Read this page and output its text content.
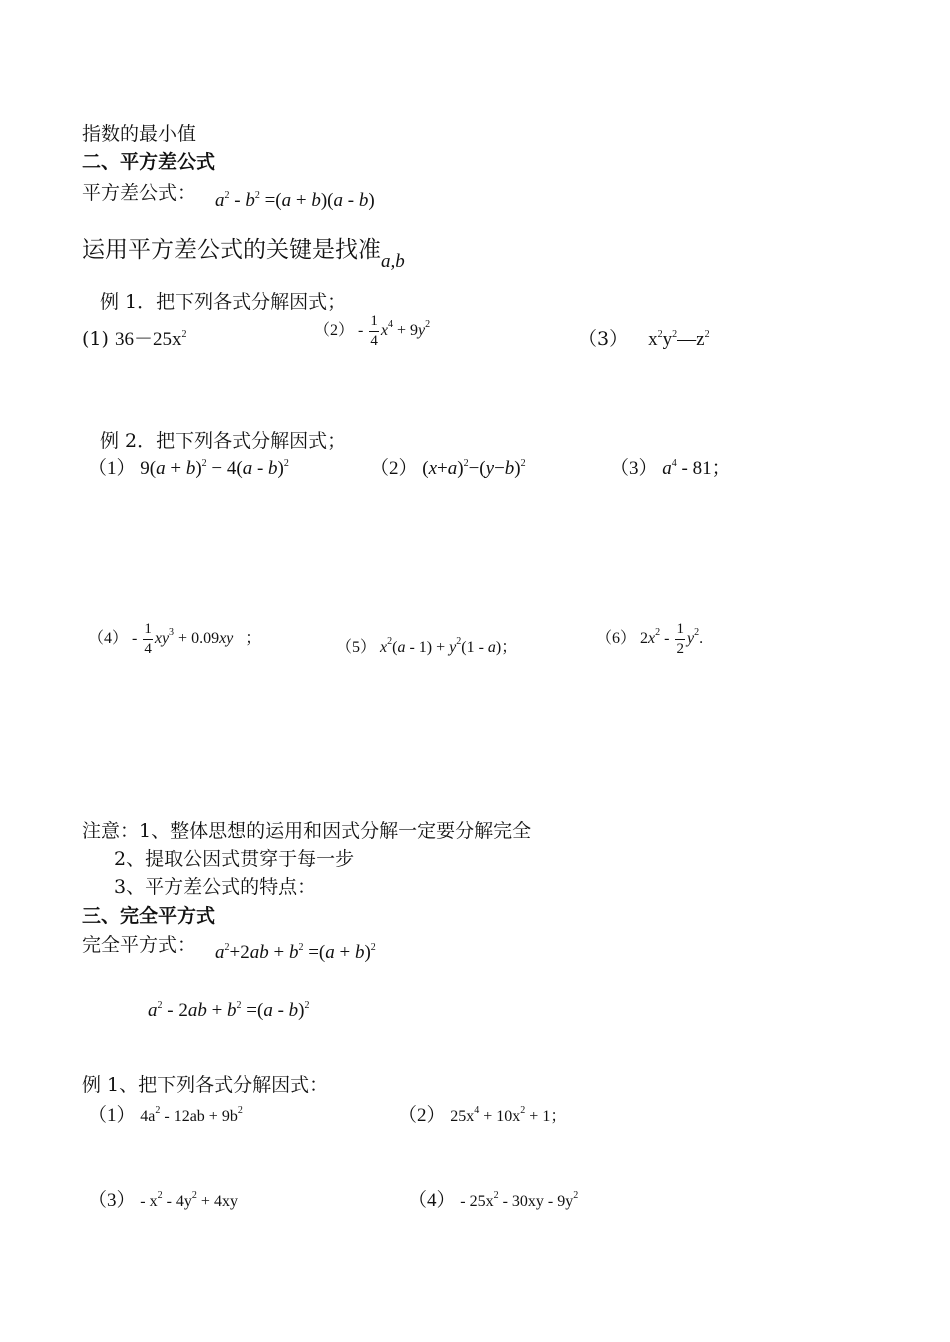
指数的最小值
二、平方差公式
平方差公式： $a^2 - b^2 =(a + b)(a - b)$
运用平方差公式的关键是找准$_{a,b}$
例 1．把下列各式分解因式；
(1) $36-25x^2$	$(2) - \frac{1}{4} x^4 + 9y^2$
（3） $x^2y^2—z^2$
例 2．把下列各式分解因式；
（1） $9(a + b)^2 - 4(a - b)^2$	（2） $(x+a)^2-(y-b)^2$	（3） $a^4 - 81$；
$(4) - \frac{1}{4} xy^3 + 0.09xy$   ；
（5） $x^2(a - 1) + y^2(1 - a)$；
（6） $2x^2 - \frac{1}{2} y^2$.
注意：1、整体思想的运用和因式分解一定要分解完全
2、提取公因式贯穿于每一步
3、平方差公式的特点：
三、完全平方式
完全平方式： $a^2+2ab + b^2 =(a + b)^2$
$a^2 - 2ab + b^2 =(a - b)^2$
例 1、把下列各式分解因式：
（1） $4a^2 - 12ab + 9b^2$	（2） $25x^4 + 10x^2 + 1$；
$(3) - x^2 - 4y^2 + 4xy$	$(4) - 25x^2 - 30xy - 9y^2$
